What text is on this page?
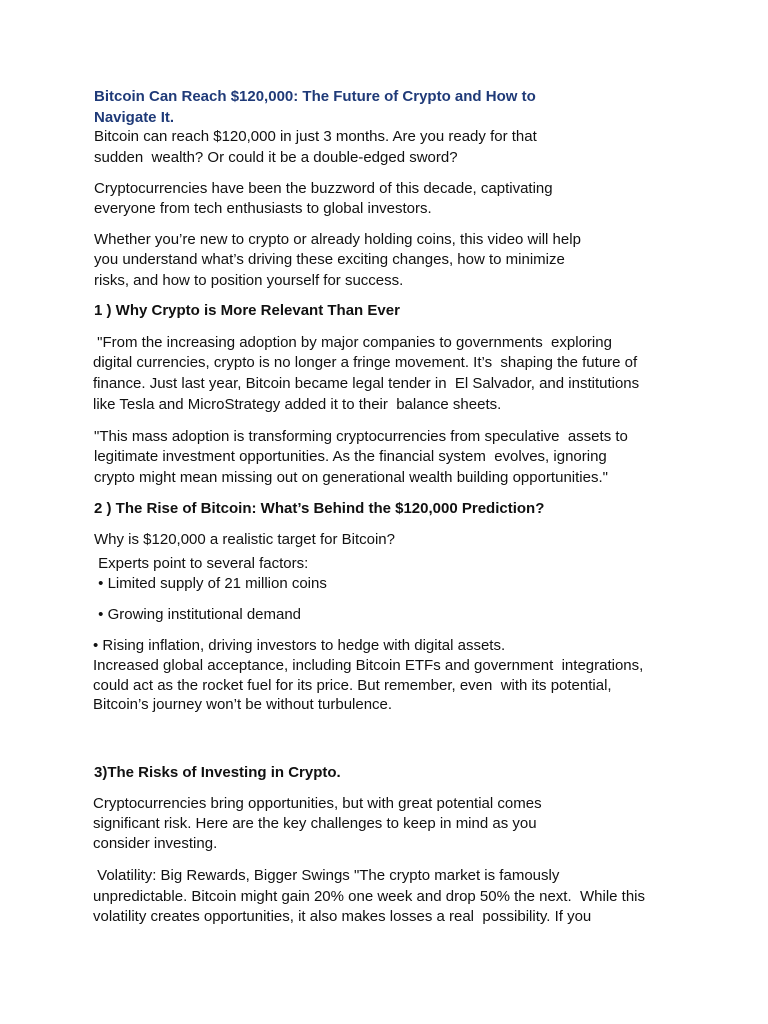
Bitcoin Can Reach $120,000: The Future of Crypto and How to
Navigate It.
Bitcoin can reach $120,000 in just 3 months. Are you ready for that
sudden  wealth? Or could it be a double-edged sword?
Cryptocurrencies have been the buzzword of this decade, captivating
everyone from tech enthusiasts to global investors.
Whether you’re new to crypto or already holding coins, this video will help
you understand what’s driving these exciting changes, how to minimize
risks, and how to position yourself for success.
1 ) Why Crypto is More Relevant Than Ever
"From the increasing adoption by major companies to governments  exploring
digital currencies, crypto is no longer a fringe movement. It’s  shaping the future of
finance. Just last year, Bitcoin became legal tender in  El Salvador, and institutions
like Tesla and MicroStrategy added it to their  balance sheets.
"This mass adoption is transforming cryptocurrencies from speculative  assets to
legitimate investment opportunities. As the financial system  evolves, ignoring
crypto might mean missing out on generational wealth building opportunities."
2 ) The Rise of Bitcoin: What’s Behind the $120,000 Prediction?
Why is $120,000 a realistic target for Bitcoin?
Experts point to several factors:
• Limited supply of 21 million coins
• Growing institutional demand
• Rising inflation, driving investors to hedge with digital assets.
Increased global acceptance, including Bitcoin ETFs and government  integrations,
could act as the rocket fuel for its price. But remember, even  with its potential,
Bitcoin’s journey won’t be without turbulence.
3)The Risks of Investing in Crypto.
Cryptocurrencies bring opportunities, but with great potential comes
significant risk. Here are the key challenges to keep in mind as you
consider investing.
Volatility: Big Rewards, Bigger Swings "The crypto market is famously
unpredictable. Bitcoin might gain 20% one week and drop 50% the next.  While this
volatility creates opportunities, it also makes losses a real  possibility. If you
